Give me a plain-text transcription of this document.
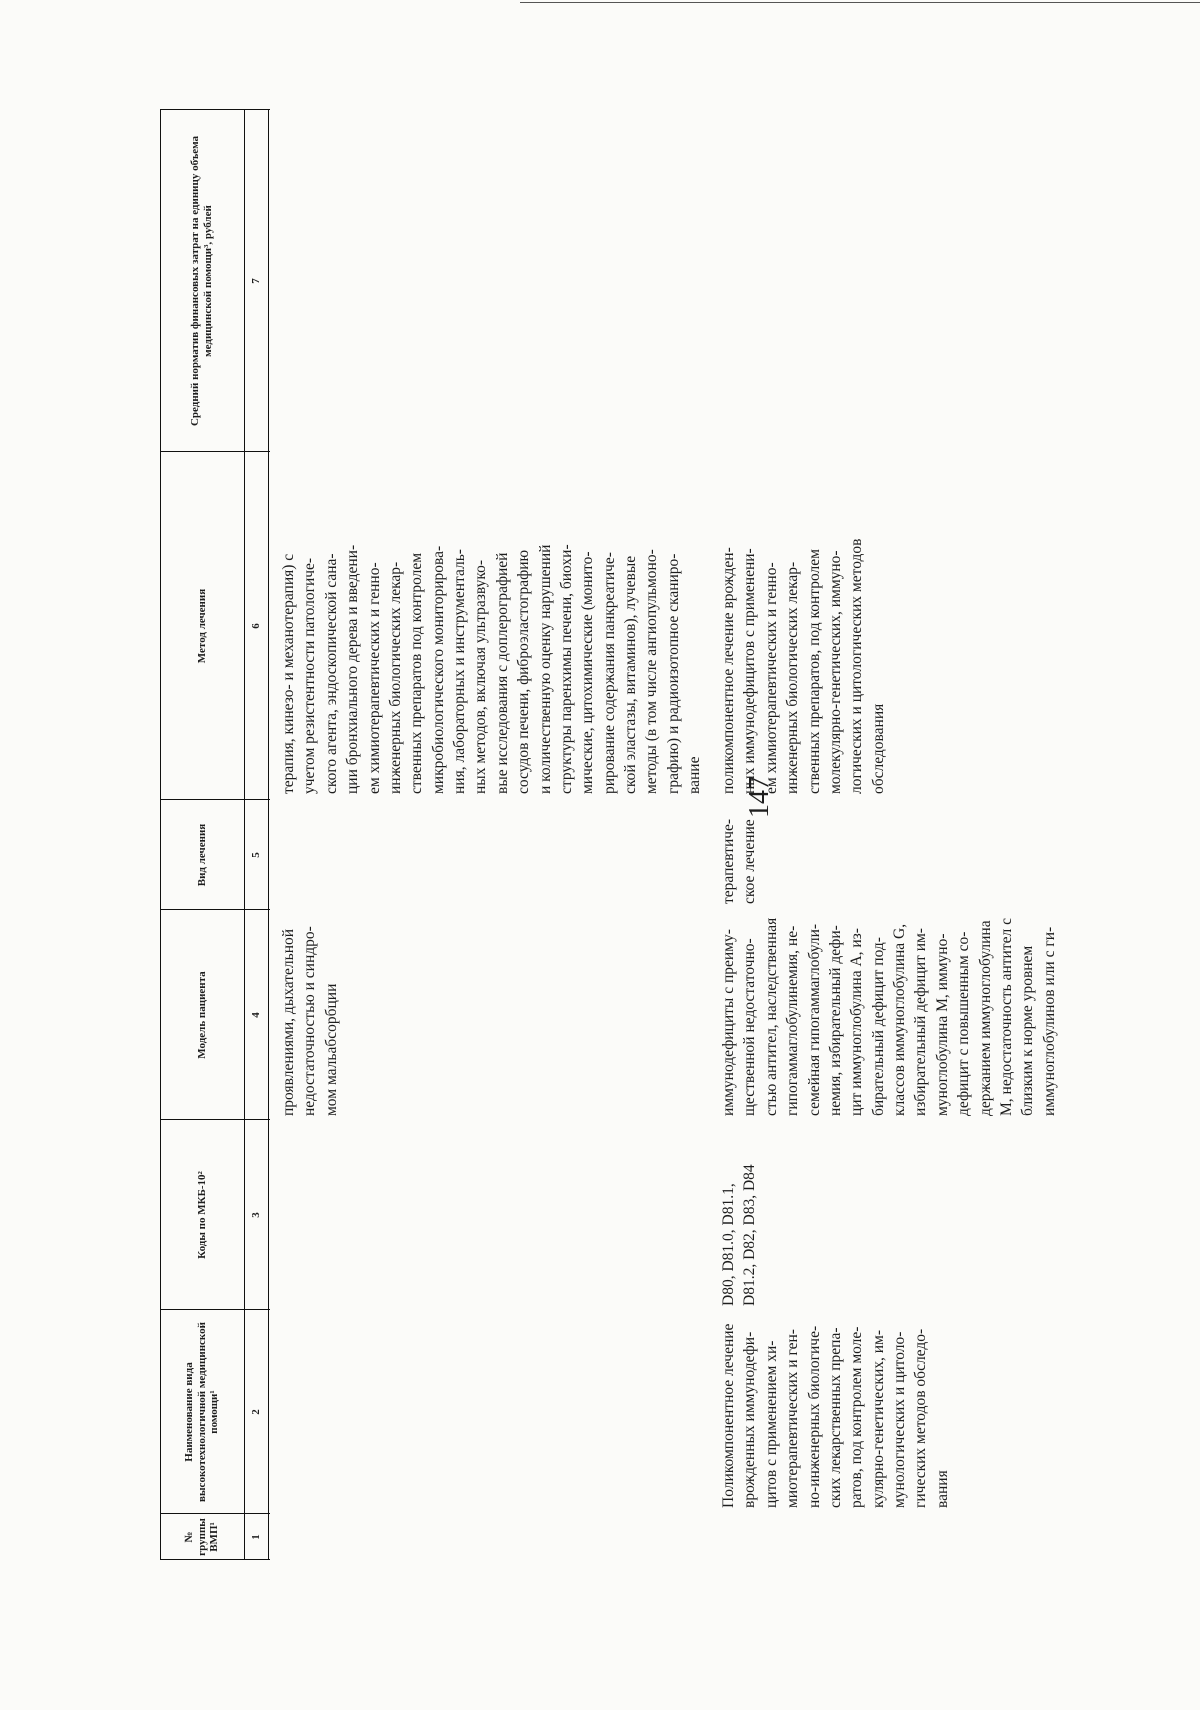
147
№ группы ВМП¹
Наименование вида высокотехнологичной медицинской помощи¹
Коды по МКБ-10²
Модель пациента
Вид лечения
Метод лечения
Средний норматив финансовых затрат на единицу объема медицинской помощи³, рублей
1
2
3
4
5
6
7
проявлениями, дыхательной недостаточностью и синдро- мом мальабсорбции
терапия, кинезо- и механотерапия) с учетом резистентности патологиче- ского агента, эндоскопической сана- ции бронхиального дерева и введени- ем химиотерапевтических и генно- инженерных биологических лекар- ственных препаратов под контролем микробиологического мониторирова- ния, лабораторных и инструменталь- ных методов, включая ультразвуко- вые исследования с доплерографией сосудов печени, фиброэластографию и количественную оценку нарушений структуры паренхимы печени, биохи- мические, цитохимические (монито- рирование содержания панкреатиче- ской эластазы, витаминов), лучевые методы (в том числе ангиопульмоно- графию) и радиоизотопное сканиро- вание
Поликомпонентное лечение врожденных иммунодефи- цитов с применением хи- миотерапевтических и ген- но-инженерных биологиче- ских лекарственных препа- ратов, под контролем моле- кулярно-генетических, им- мунологических и цитоло- гических методов обследо- вания
D80, D81.0, D81.1, D81.2, D82, D83, D84
иммунодефициты с преиму- щественной недостаточно- стью антител, наследственная гипогаммаглобулинемия, не- семейная гипогаммаглобули- немия, избирательный дефи- цит иммуноглобулина А, из- бирательный дефицит под- классов иммуноглобулина G, избирательный дефицит им- муноглобулина М, иммуно- дефицит с повышенным со- держанием иммуноглобулина М, недостаточность антител с близким к норме уровнем иммуноглобулинов или с ги-
терапевтиче- ское лечение
поликомпонентное лечение врожден- ных иммунодефицитов с применени- ем химиотерапевтических и генно- инженерных биологических лекар- ственных препаратов, под контролем молекулярно-генетических, иммуно- логических и цитологических методов обследования
